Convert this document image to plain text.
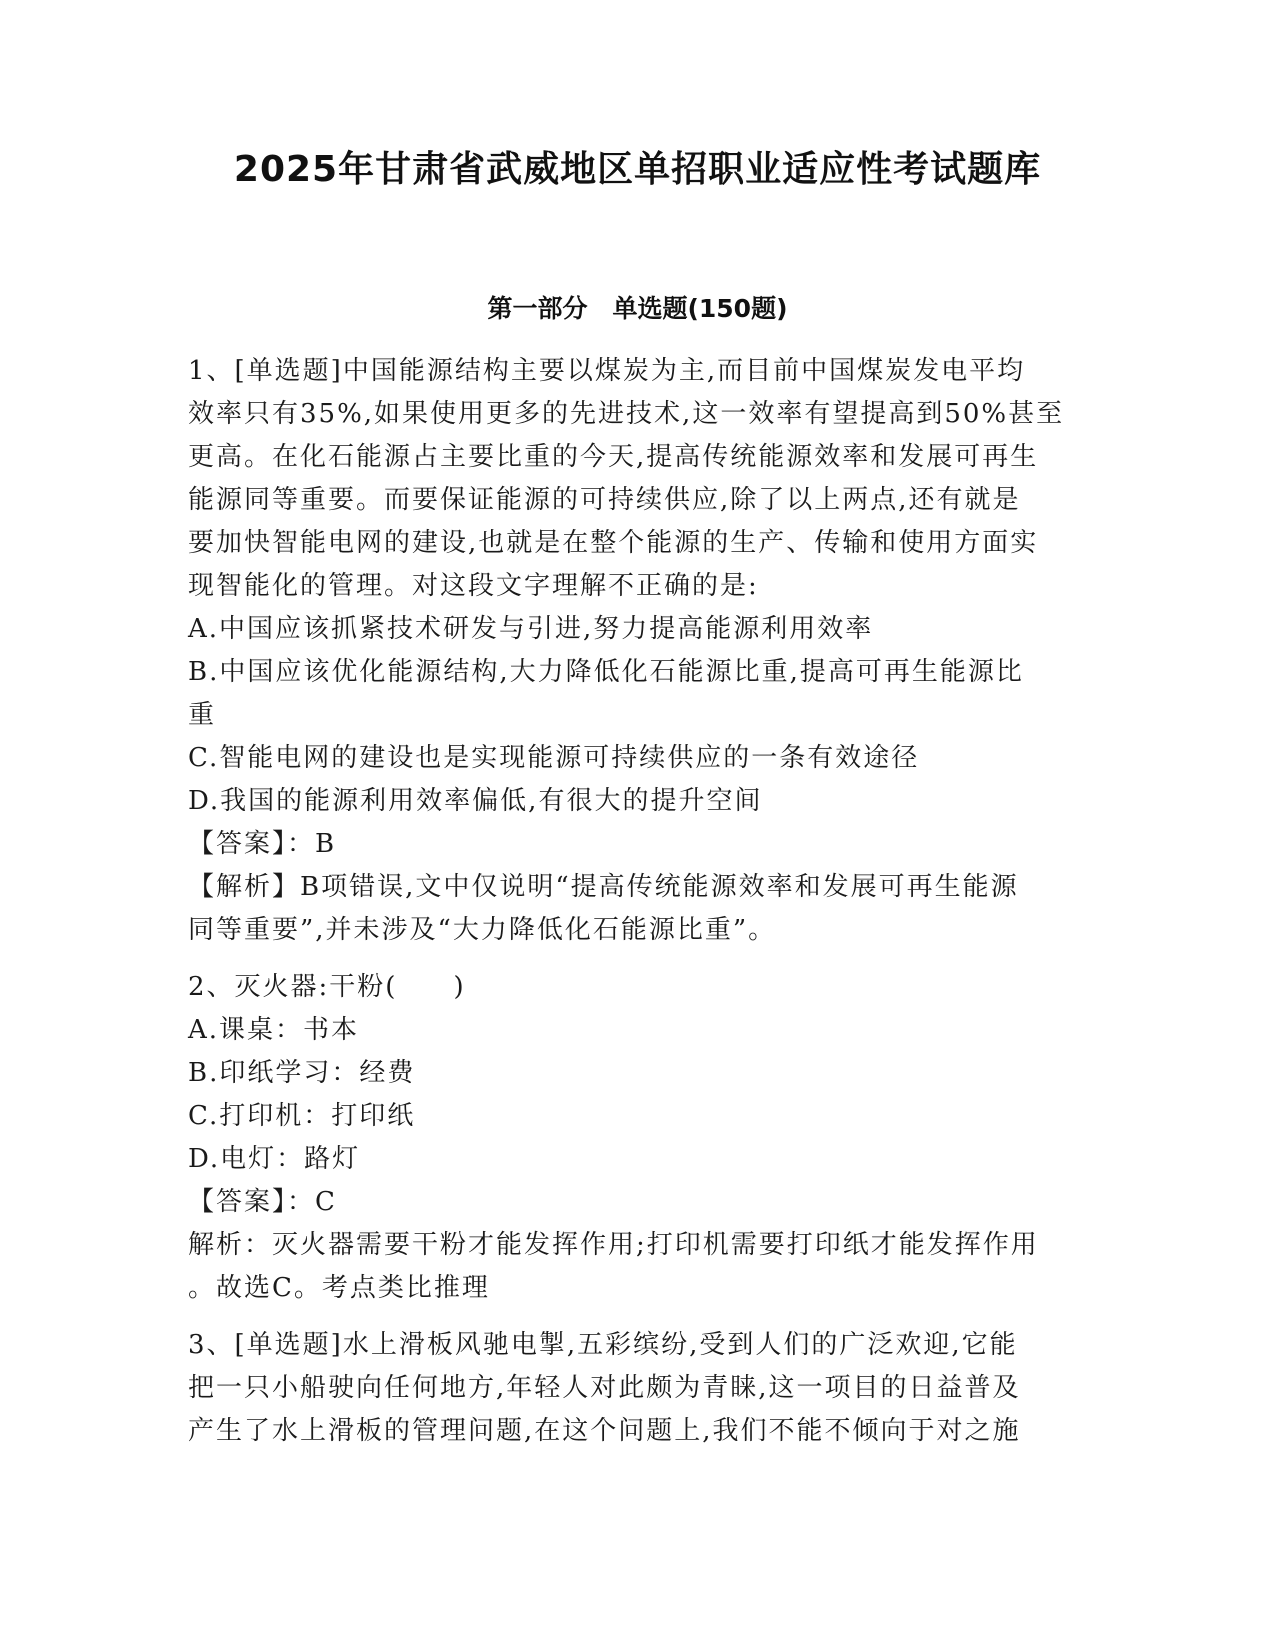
2025年甘肃省武威地区单招职业适应性考试题库
第一部分　单选题(150题)
1、[单选题]中国能源结构主要以煤炭为主,而目前中国煤炭发电平均
效率只有35%,如果使用更多的先进技术,这一效率有望提高到50%甚至
更高。在化石能源占主要比重的今天,提高传统能源效率和发展可再生
能源同等重要。而要保证能源的可持续供应,除了以上两点,还有就是
要加快智能电网的建设,也就是在整个能源的生产、传输和使用方面实
现智能化的管理。对这段文字理解不正确的是:
A.中国应该抓紧技术研发与引进,努力提高能源利用效率
B.中国应该优化能源结构,大力降低化石能源比重,提高可再生能源比
重
C.智能电网的建设也是实现能源可持续供应的一条有效途径
D.我国的能源利用效率偏低,有很大的提升空间
【答案】：B
【解析】B项错误,文中仅说明“提高传统能源效率和发展可再生能源
同等重要”,并未涉及“大力降低化石能源比重”。
2、灭火器:干粉(　　)
A.课桌：书本
B.印纸学习：经费
C.打印机：打印纸
D.电灯：路灯
【答案】：C
解析：灭火器需要干粉才能发挥作用;打印机需要打印纸才能发挥作用
。故选C。考点类比推理
3、[单选题]水上滑板风驰电掣,五彩缤纷,受到人们的广泛欢迎,它能
把一只小船驶向任何地方,年轻人对此颇为青睐,这一项目的日益普及
产生了水上滑板的管理问题,在这个问题上,我们不能不倾向于对之施
